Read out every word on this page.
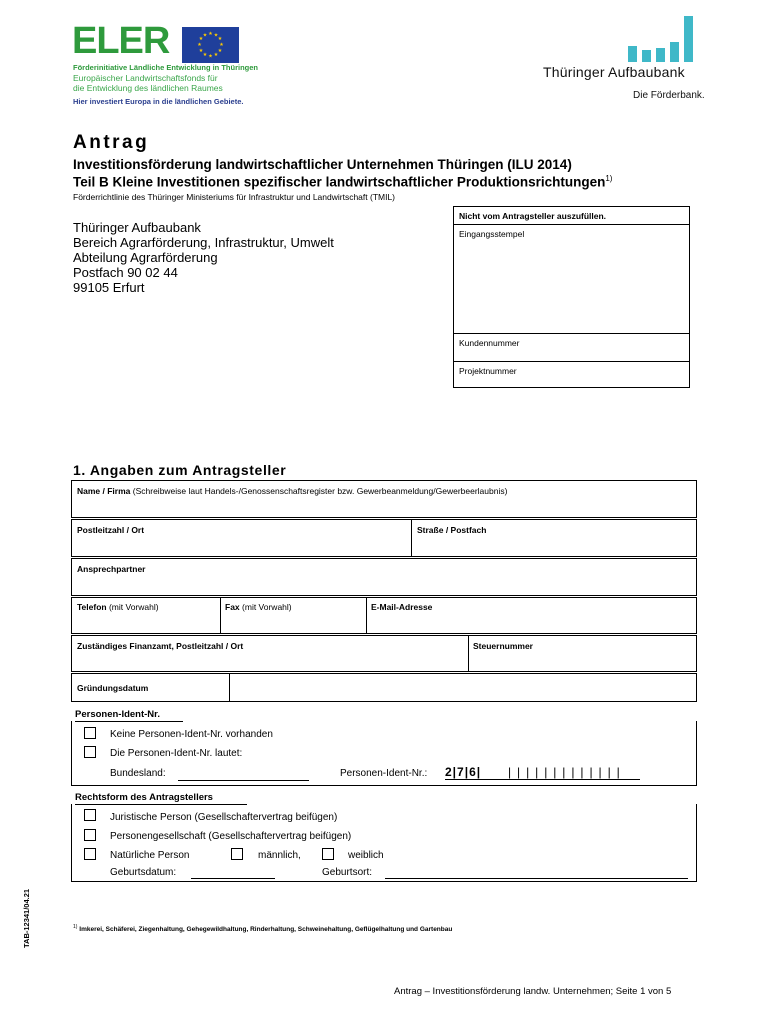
ELER	★ ★
★
★
★
★
★
★
★
★
★
★
Förderinitiative Ländliche Entwicklung in Thüringen
Europäischer Landwirtschaftsfonds für
die Entwicklung des ländlichen Raumes
Hier investiert Europa in die ländlichen Gebiete.
Thüringer Aufbaubank
Die Förderbank.
Antrag
Investitionsförderung landwirtschaftlicher Unternehmen Thüringen (ILU 2014)
Teil B Kleine Investitionen spezifischer landwirtschaftlicher Produktionsrichtungen$^{1)}$
Förderrichtlinie des Thüringer Ministeriums für Infrastruktur und Landwirtschaft (TMIL)
Thüringer Aufbaubank
Bereich Agrarförderung, Infrastruktur, Umwelt
Abteilung Agrarförderung
Postfach 90 02 44
99105 Erfurt
Nicht vom Antragsteller auszufüllen.
Eingangsstempel
Kundennummer
Projektnummer
1. Angaben zum Antragsteller
Name / Firma (Schreibweise laut Handels-/Genossenschaftsregister bzw. Gewerbeanmeldung/Gewerbeerlaubnis)
Postleitzahl / Ort	Straße / Postfach
Ansprechpartner
Telefon (mit Vorwahl)	Fax (mit Vorwahl)	E-Mail-Adresse
Zuständiges Finanzamt, Postleitzahl / Ort	Steuernummer
Gründungsdatum
Personen-Ident-Nr.
Keine Personen-Ident-Nr. vorhanden
Die Personen-Ident-Nr. lautet:
Bundesland:	Personen-Ident-Nr.: 2|7|6| | | | | | | | | | | | | |
Rechtsform des Antragstellers
Juristische Person (Gesellschaftervertrag beifügen)
Personengesellschaft (Gesellschaftervertrag beifügen)
Natürliche Person	männlich,	weiblich
Geburtsdatum:	Geburtsort:
$^{1)}$ Imkerei, Schäferei, Ziegenhaltung, Gehegewildhaltung, Rinderhaltung, Schweinehaltung, Geflügelhaltung und Gartenbau
TAB-12341/04.21
Antrag – Investitionsförderung landw. Unternehmen; Seite 1 von 5
